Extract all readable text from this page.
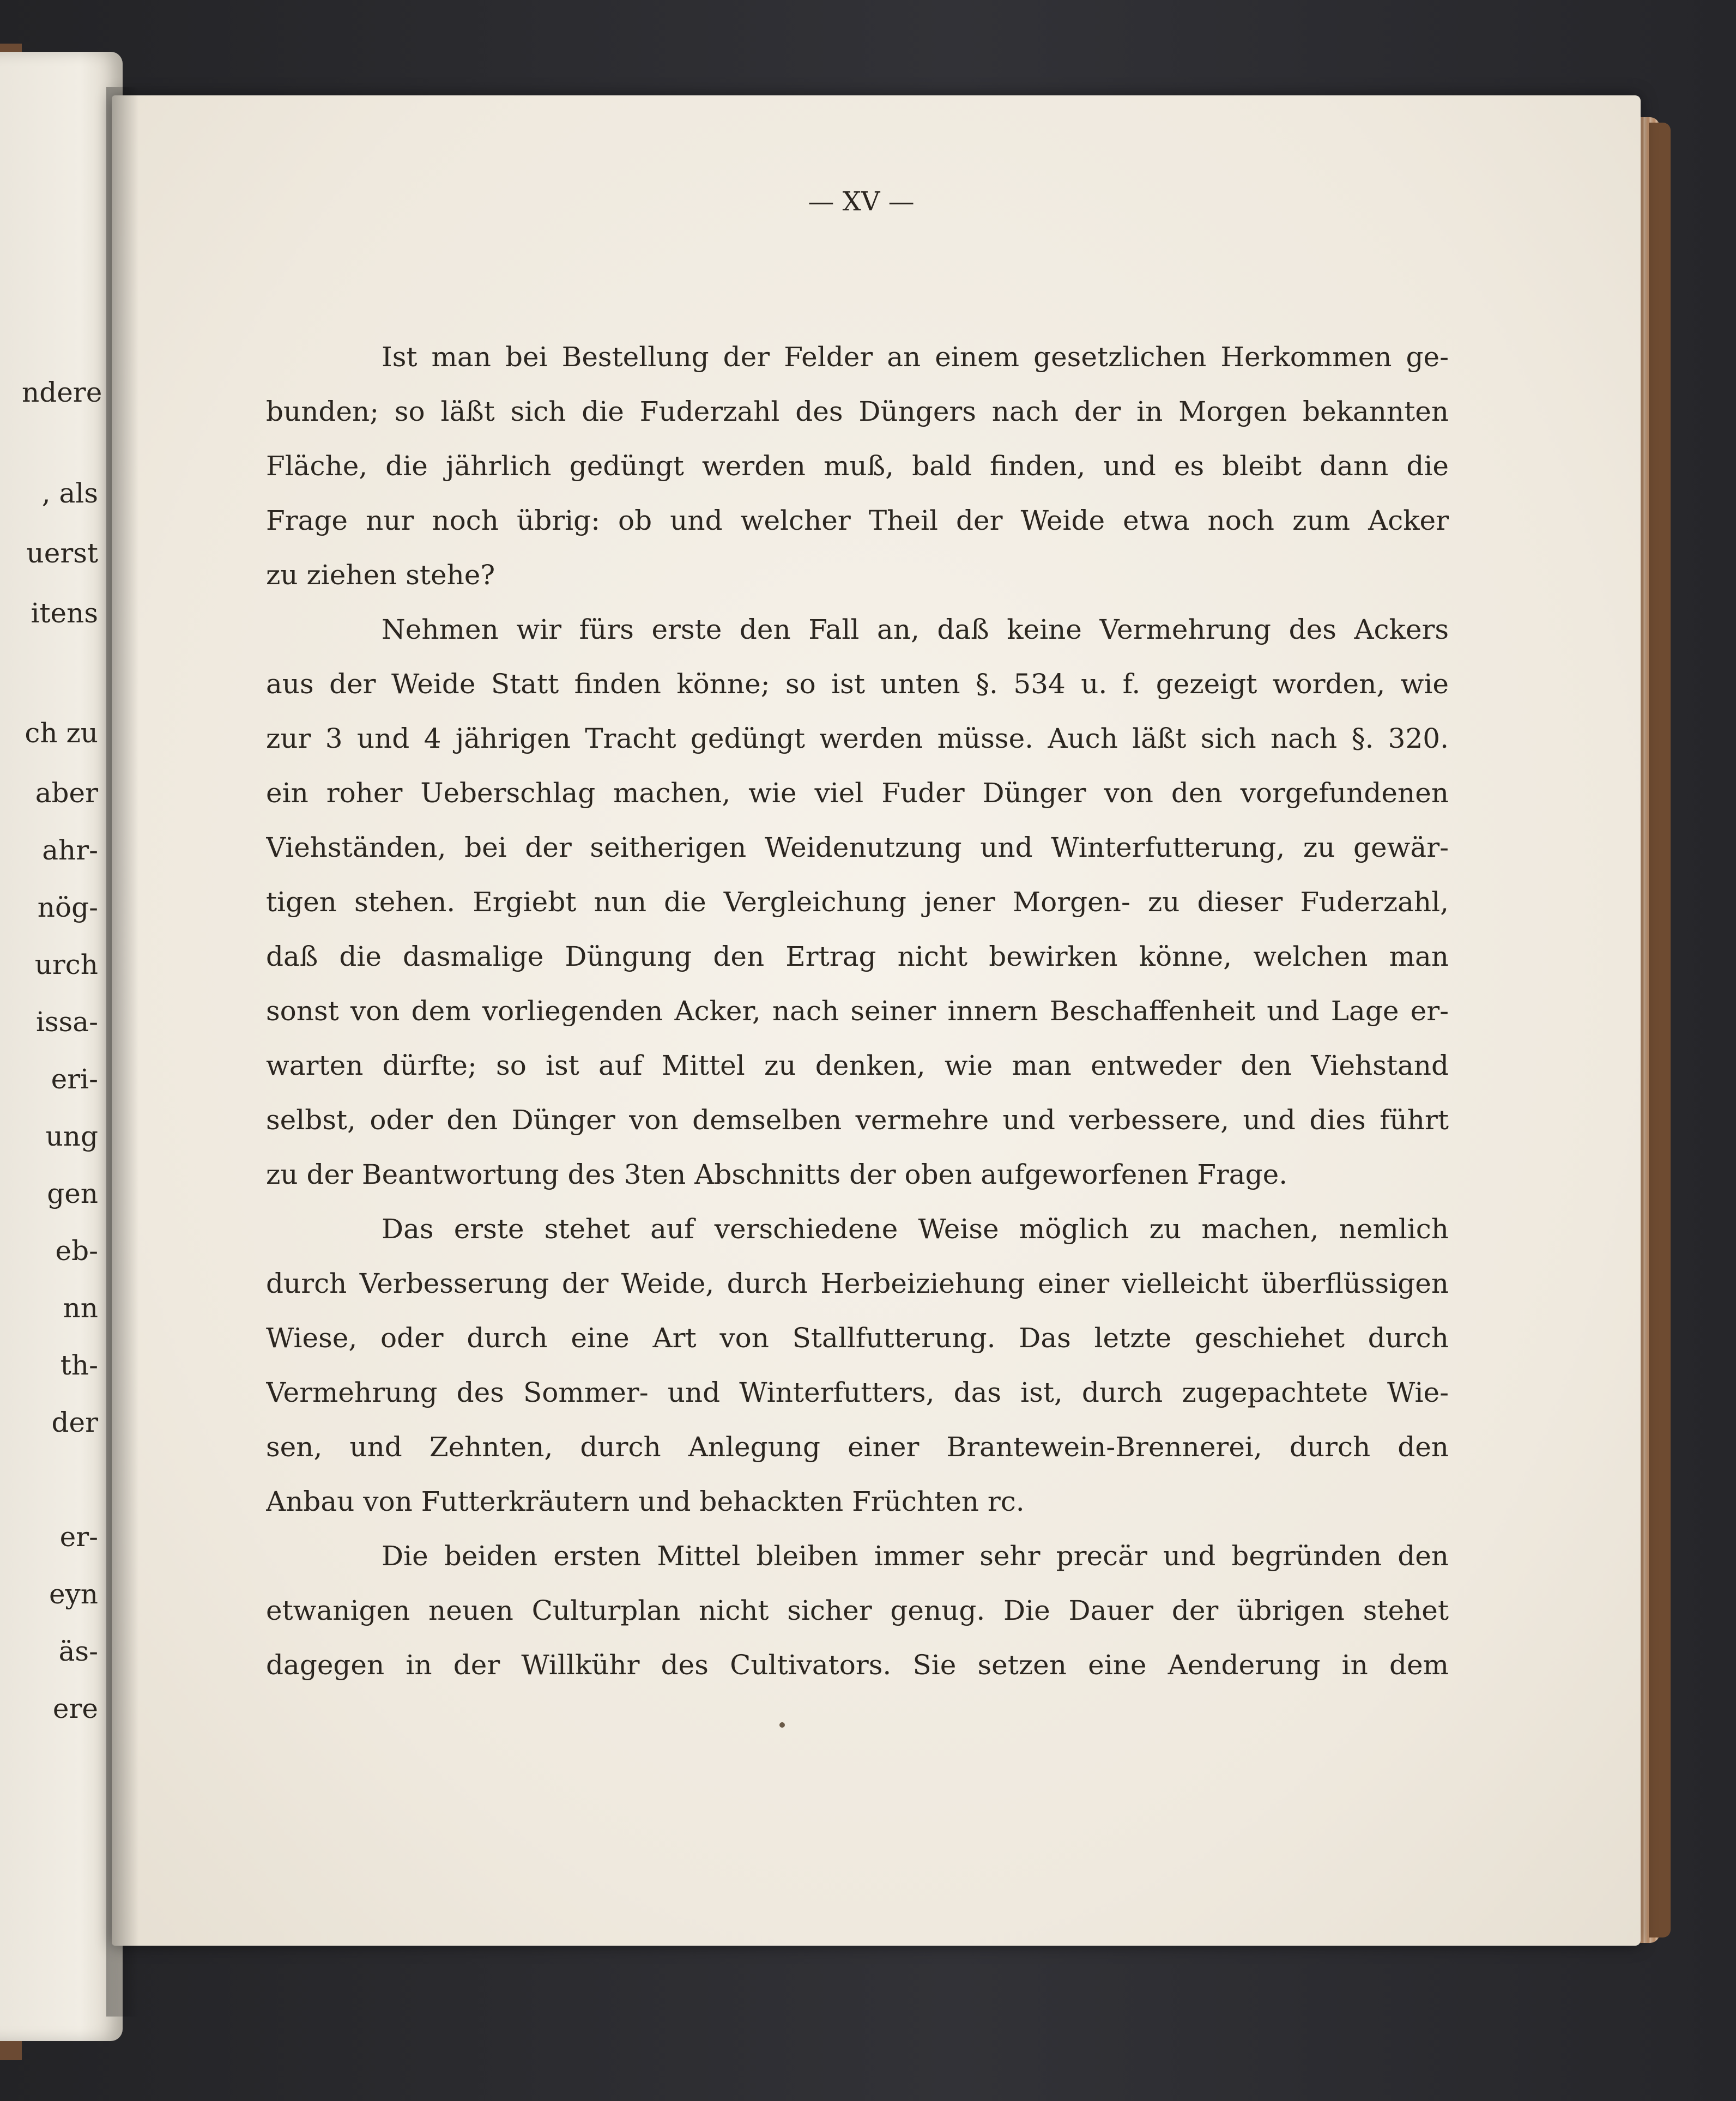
ndere
, als
uerst
itens
ch zu
aber
ahr-
nög-
urch
issa-
eri-
ung
gen
eb-
nn
th-
der
er-
eyn
äs-
ere
— XV —
Ist man bei Bestellung der Felder an einem gesetzlichen Herkommen ge-
bunden; so läßt sich die Fuderzahl des Düngers nach der in Morgen bekannten
Fläche, die jährlich gedüngt werden muß, bald finden, und es bleibt dann die
Frage nur noch übrig: ob und welcher Theil der Weide etwa noch zum Acker
zu ziehen stehe?
Nehmen wir fürs erste den Fall an, daß keine Vermehrung des Ackers
aus der Weide Statt finden könne; so ist unten §. 534 u. f. gezeigt worden, wie
zur 3 und 4 jährigen Tracht gedüngt werden müsse. Auch läßt sich nach §. 320.
ein roher Ueberschlag machen, wie viel Fuder Dünger von den vorgefundenen
Viehständen, bei der seitherigen Weidenutzung und Winterfutterung, zu gewär-
tigen stehen. Ergiebt nun die Vergleichung jener Morgen- zu dieser Fuderzahl,
daß die dasmalige Düngung den Ertrag nicht bewirken könne, welchen man
sonst von dem vorliegenden Acker, nach seiner innern Beschaffenheit und Lage er-
warten dürfte; so ist auf Mittel zu denken, wie man entweder den Viehstand
selbst, oder den Dünger von demselben vermehre und verbessere, und dies führt
zu der Beantwortung des 3ten Abschnitts der oben aufgeworfenen Frage.
Das erste stehet auf verschiedene Weise möglich zu machen, nemlich
durch Verbesserung der Weide, durch Herbeiziehung einer vielleicht überflüssigen
Wiese, oder durch eine Art von Stallfutterung. Das letzte geschiehet durch
Vermehrung des Sommer- und Winterfutters, das ist, durch zugepachtete Wie-
sen, und Zehnten, durch Anlegung einer Brantewein-Brennerei, durch den
Anbau von Futterkräutern und behackten Früchten rc.
Die beiden ersten Mittel bleiben immer sehr precär und begründen den
etwanigen neuen Culturplan nicht sicher genug. Die Dauer der übrigen stehet
dagegen in der Willkühr des Cultivators. Sie setzen eine Aenderung in dem
